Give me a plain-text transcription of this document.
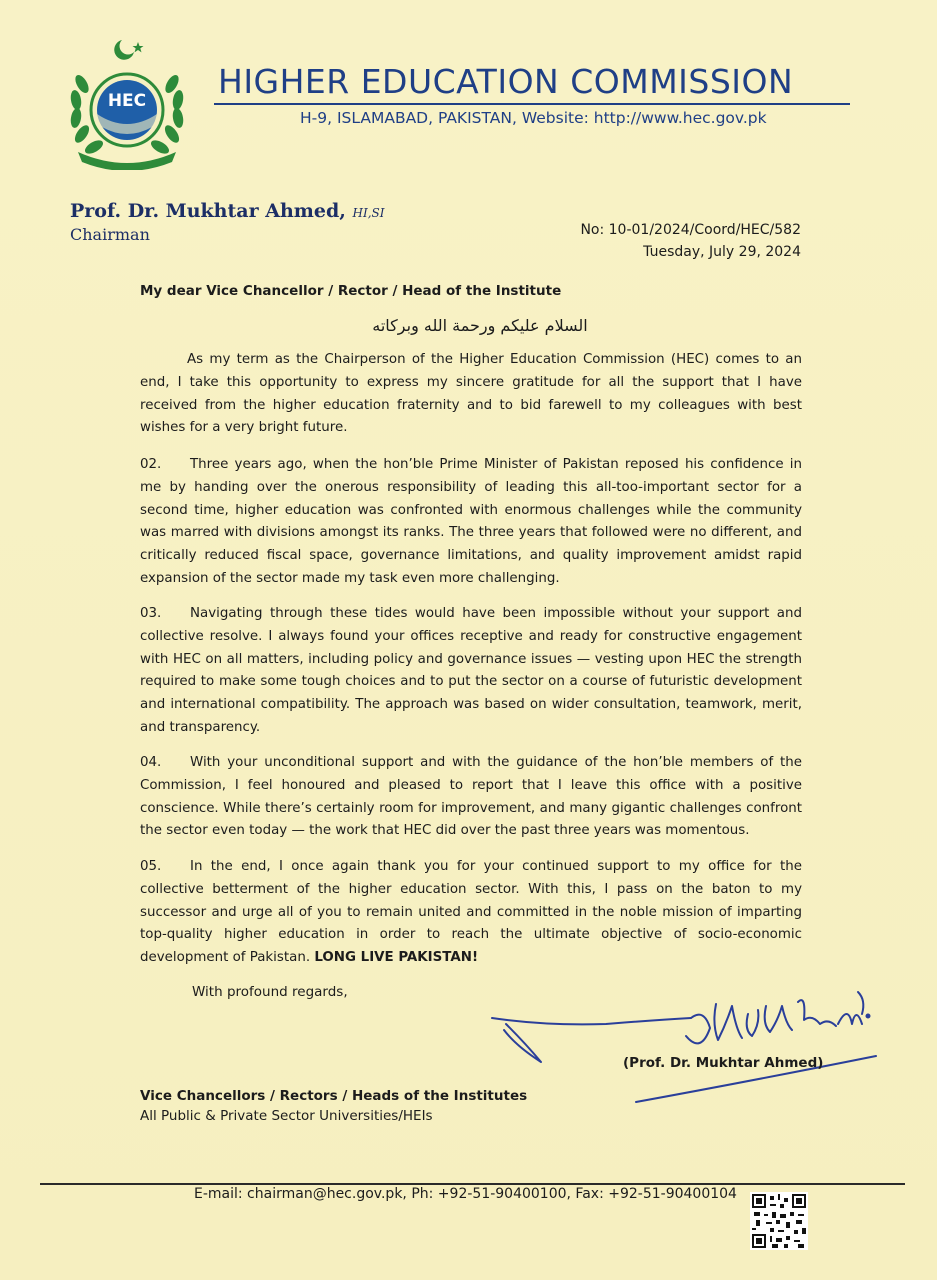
HEC HIGHER EDUCATION COMMISSION
H-9, ISLAMABAD, PAKISTAN, Website: http://www.hec.gov.pk
Prof. Dr. Mukhtar Ahmed, HI,SI
Chairman	No: 10-01/2024/Coord/HEC/582
Tuesday, July 29, 2024
My dear Vice Chancellor / Rector / Head of the Institute
السلام علیکم ورحمة الله وبرکاته
As my term as the Chairperson of the Higher Education Commission (HEC) comes to an end, I take this opportunity to express my sincere gratitude for all the support that I have received from the higher education fraternity and to bid farewell to my colleagues with best wishes for a very bright future.
02. Three years ago, when the hon’ble Prime Minister of Pakistan reposed his confidence in me by handing over the onerous responsibility of leading this all-too-important sector for a second time, higher education was confronted with enormous challenges while the community was marred with divisions amongst its ranks. The three years that followed were no different, and critically reduced fiscal space, governance limitations, and quality improvement amidst rapid expansion of the sector made my task even more challenging.
03. Navigating through these tides would have been impossible without your support and collective resolve. I always found your offices receptive and ready for constructive engagement with HEC on all matters, including policy and governance issues — vesting upon HEC the strength required to make some tough choices and to put the sector on a course of futuristic development and international compatibility. The approach was based on wider consultation, teamwork, merit, and transparency.
04. With your unconditional support and with the guidance of the hon’ble members of the Commission, I feel honoured and pleased to report that I leave this office with a positive conscience. While there’s certainly room for improvement, and many gigantic challenges confront the sector even today — the work that HEC did over the past three years was momentous.
05. In the end, I once again thank you for your continued support to my office for the collective betterment of the higher education sector. With this, I pass on the baton to my successor and urge all of you to remain united and committed in the noble mission of imparting top-quality higher education in order to reach the ultimate objective of socio-economic development of Pakistan. LONG LIVE PAKISTAN!
With profound regards,
(Prof. Dr. Mukhtar Ahmed)
Vice Chancellors / Rectors / Heads of the Institutes
All Public & Private Sector Universities/HEIs
E-mail: chairman@hec.gov.pk, Ph: +92-51-90400100, Fax: +92-51-90400104
